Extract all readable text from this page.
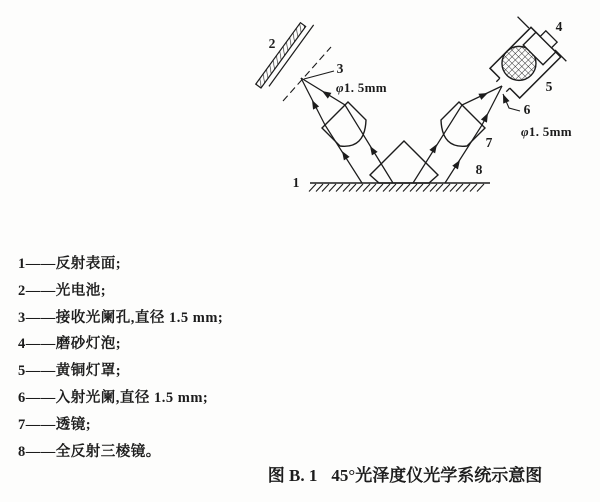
1
2
3
4
5
6
7
8
φ1. 5mm
φ1. 5mm
1——反射表面;
2——光电池;
3——接收光阑孔,直径 1.5 mm;
4——磨砂灯泡;
5——黄铜灯罩;
6——入射光阑,直径 1.5 mm;
7——透镜;
8——全反射三棱镜。
图 B. 1 45°光泽度仪光学系统示意图
